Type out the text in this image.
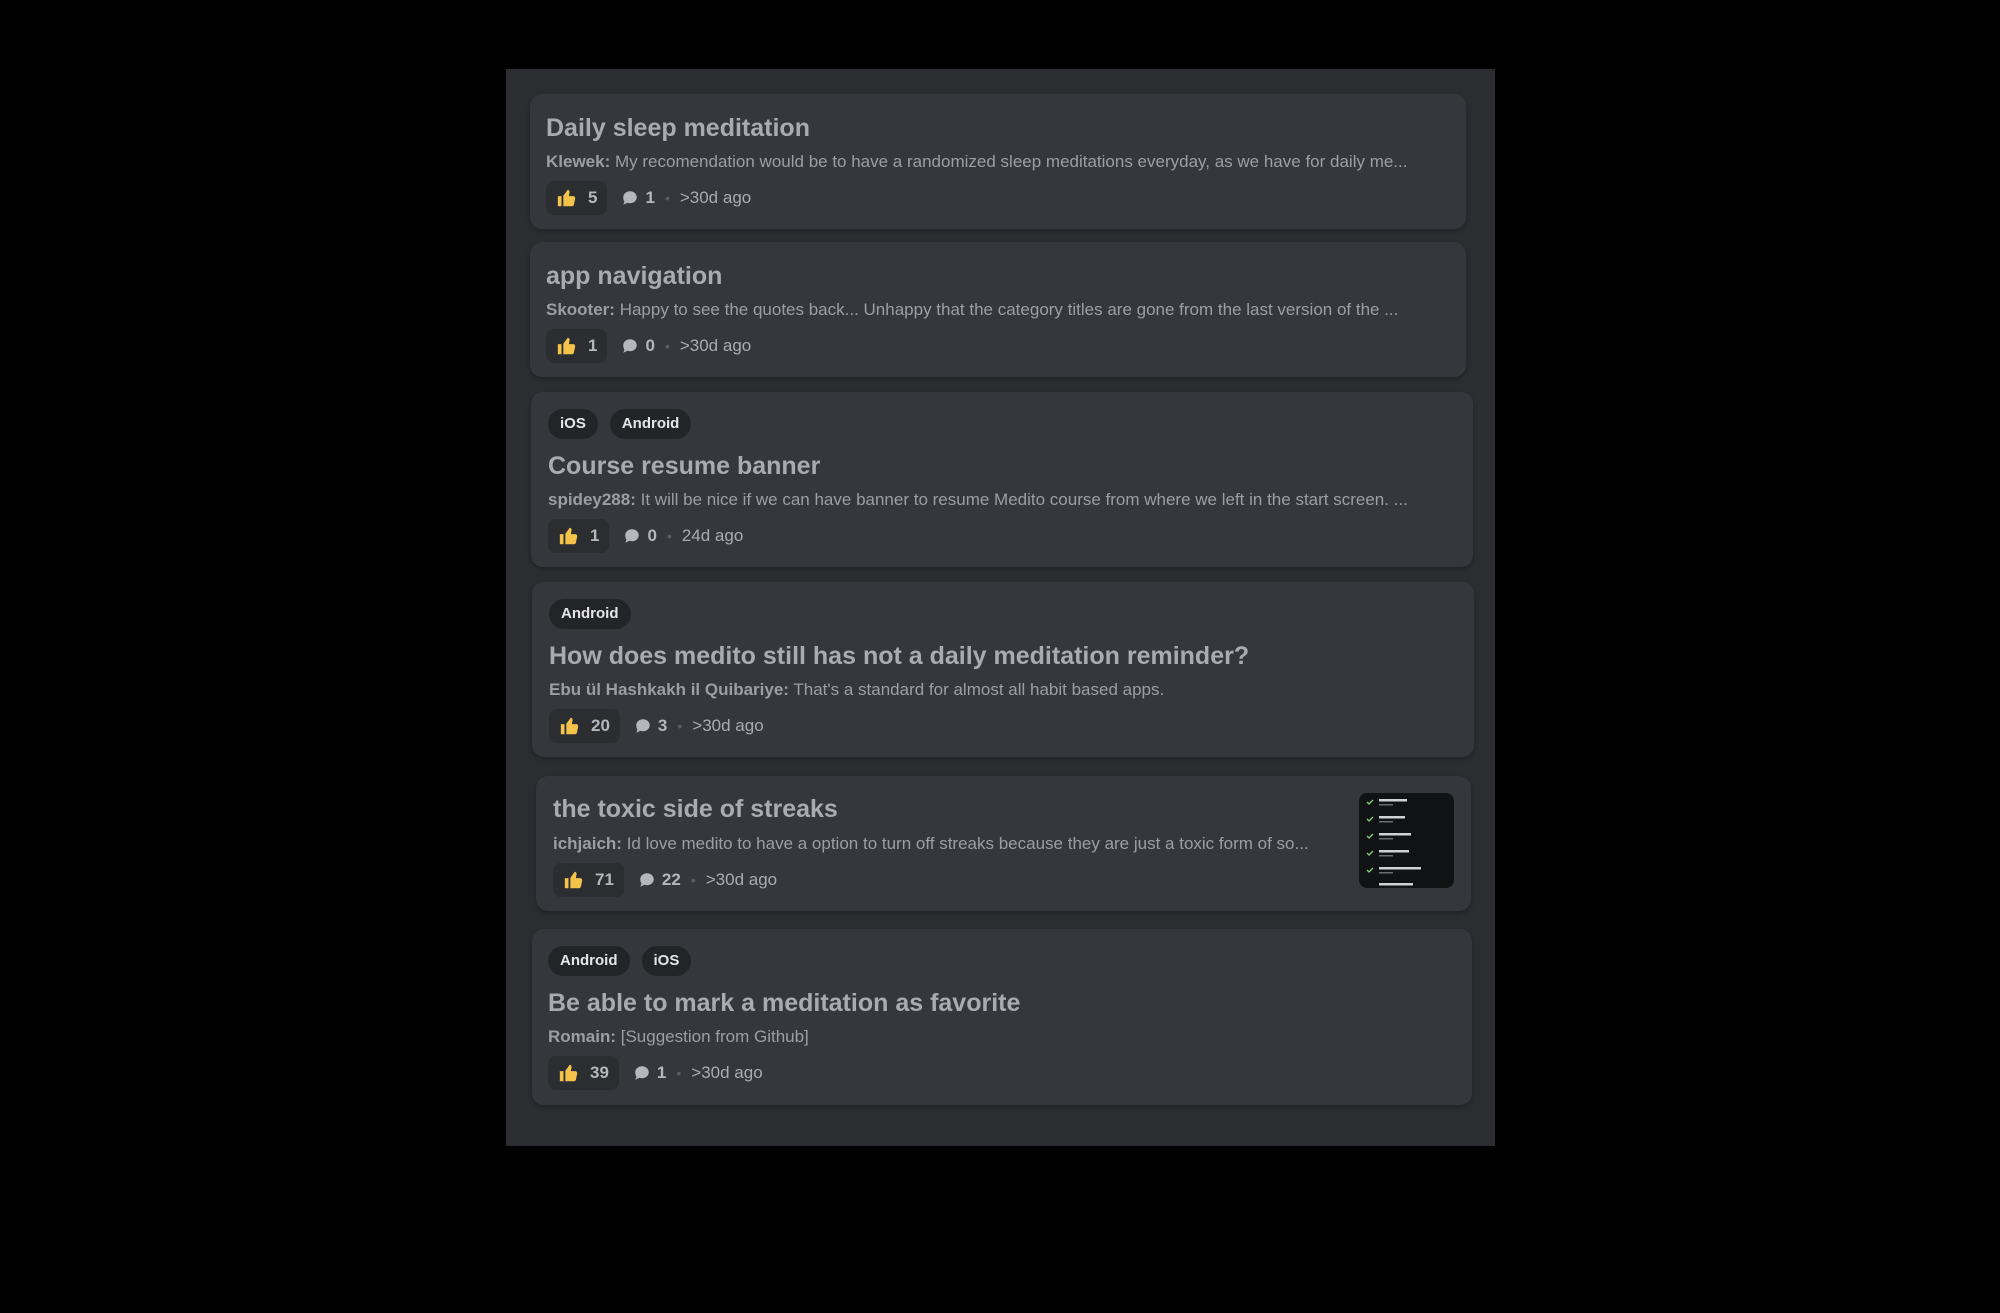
Daily sleep meditation
Klewek: My recomendation would be to have a randomized sleep meditations everyday, as we have for daily me...
5	1 • >30d ago
app navigation
Skooter: Happy to see the quotes back... Unhappy that the category titles are gone from the last version of the ...
1	0 • >30d ago
iOS	Android
Course resume banner
spidey288: It will be nice if we can have banner to resume Medito course from where we left in the start screen. ...
1	0 • 24d ago
Android
How does medito still has not a daily meditation reminder?
Ebu ül Hashkakh il Quibariye: That's a standard for almost all habit based apps.
20	3 • >30d ago
the toxic side of streaks
ichjaich: Id love medito to have a option to turn off streaks because they are just a toxic form of so...
71	22 • >30d ago
Android	iOS
Be able to mark a meditation as favorite
Romain: [Suggestion from Github]
39	1 • >30d ago
